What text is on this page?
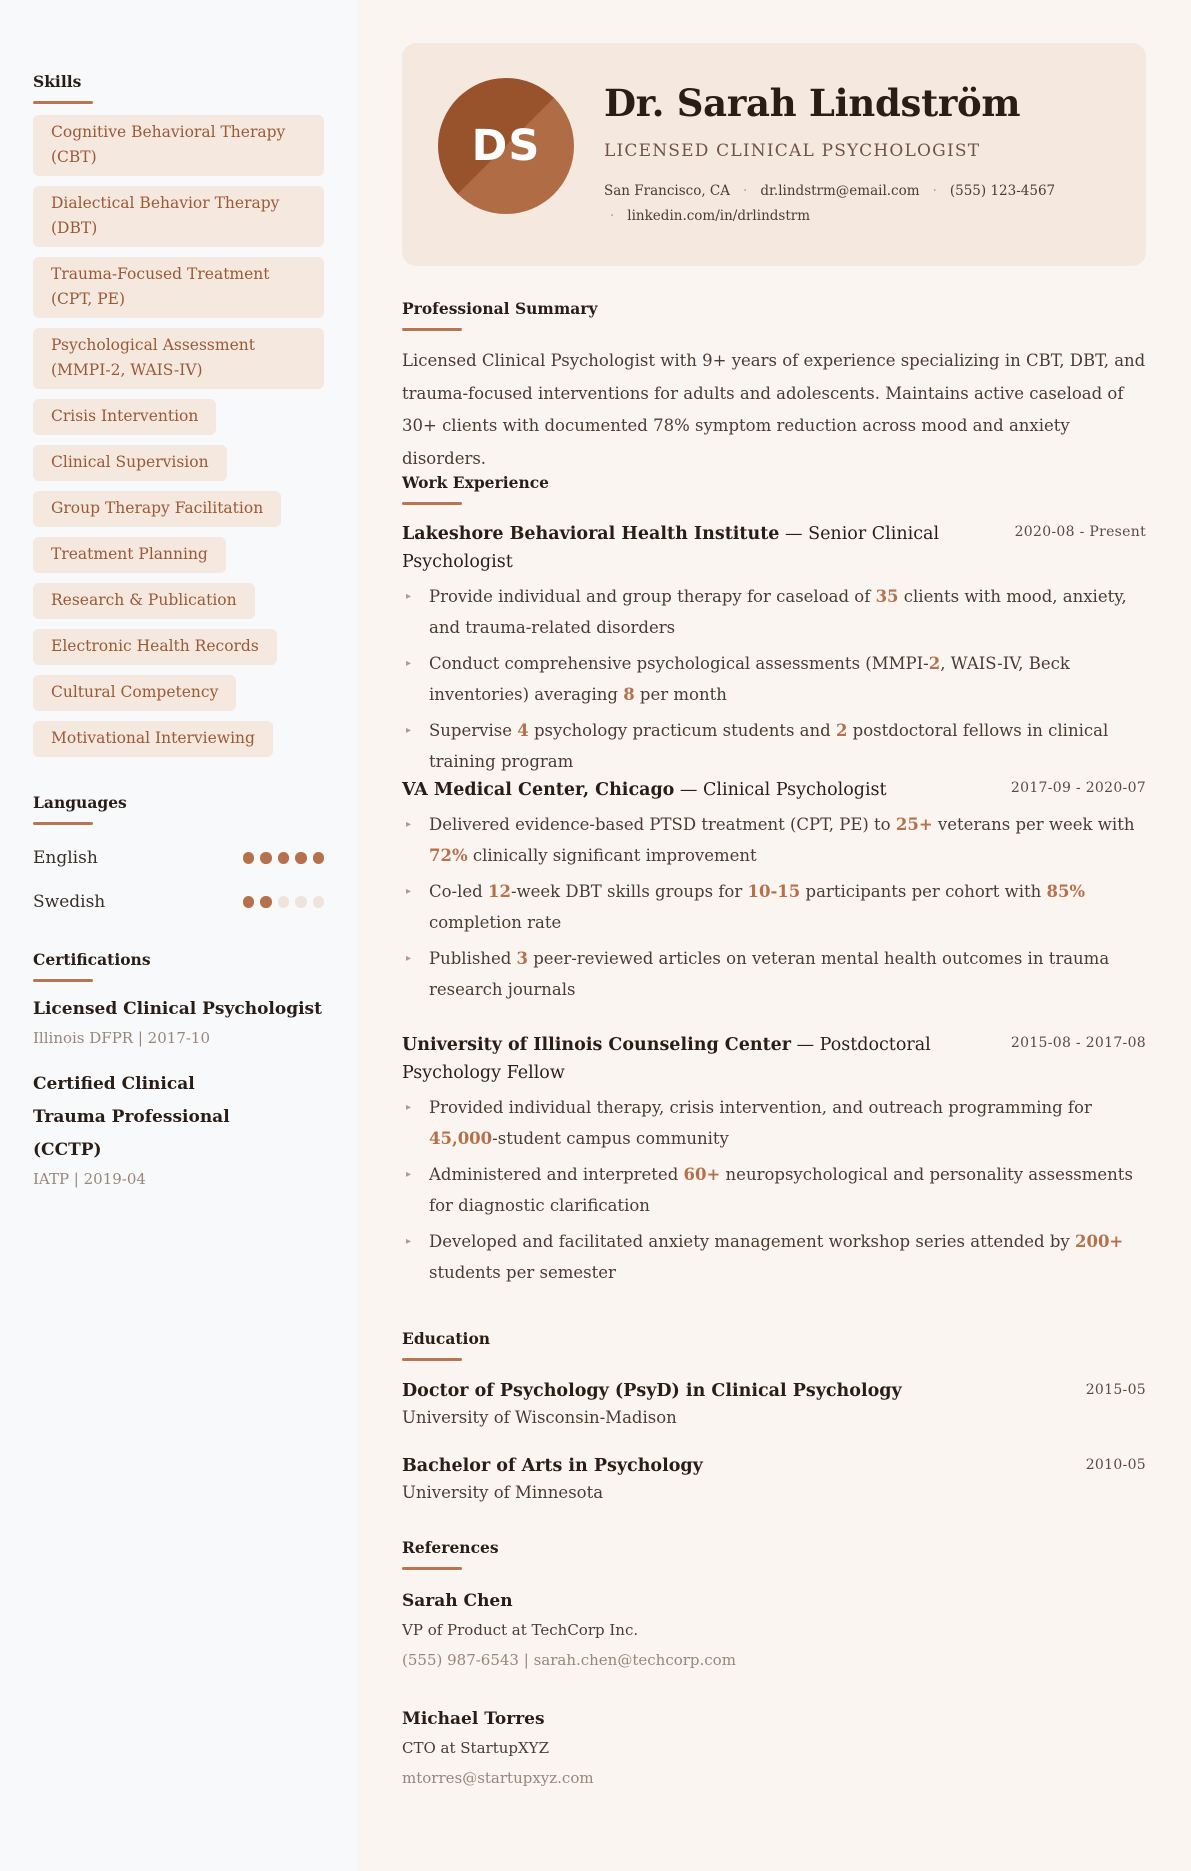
Skills
Cognitive Behavioral Therapy (CBT)
Dialectical Behavior Therapy (DBT)
Trauma-Focused Treatment (CPT, PE)
Psychological Assessment (MMPI-2, WAIS-IV)
Crisis Intervention
Clinical Supervision
Group Therapy Facilitation
Treatment Planning
Research & Publication
Electronic Health Records
Cultural Competency
Motivational Interviewing
Languages
English
Swedish
Certifications
Licensed Clinical Psychologist
Illinois DFPR | 2017-10
Certified Clinical Trauma Professional (CCTP)
IATP | 2019-04
DS
Dr. Sarah Lindström
LICENSED CLINICAL PSYCHOLOGIST
San Francisco, CA · dr.lindstrm@email.com · (555) 123-4567
· linkedin.com/in/drlindstrm
Professional Summary
Licensed Clinical Psychologist with 9+ years of experience specializing in CBT, DBT, and trauma-focused interventions for adults and adolescents. Maintains active caseload of 30+ clients with documented 78% symptom reduction across mood and anxiety disorders.
Work Experience
Lakeshore Behavioral Health Institute — Senior Clinical Psychologist
2020-08 - Present
▸ Provide individual and group therapy for caseload of 35 clients with mood, anxiety, and trauma-related disorders
▸ Conduct comprehensive psychological assessments (MMPI-2, WAIS-IV, Beck inventories) averaging 8 per month
▸ Supervise 4 psychology practicum students and 2 postdoctoral fellows in clinical training program
VA Medical Center, Chicago — Clinical Psychologist	2017-09 - 2020-07
▸ Delivered evidence-based PTSD treatment (CPT, PE) to 25+ veterans per week with 72% clinically significant improvement
▸ Co-led 12-week DBT skills groups for 10-15 participants per cohort with 85% completion rate
▸ Published 3 peer-reviewed articles on veteran mental health outcomes in trauma research journals
University of Illinois Counseling Center — Postdoctoral Psychology Fellow
2015-08 - 2017-08
▸ Provided individual therapy, crisis intervention, and outreach programming for 45,000-student campus community
▸ Administered and interpreted 60+ neuropsychological and personality assessments for diagnostic clarification
▸ Developed and facilitated anxiety management workshop series attended by 200+ students per semester
Education
Doctor of Psychology (PsyD) in Clinical Psychology	2015-05
University of Wisconsin-Madison
Bachelor of Arts in Psychology	2010-05
University of Minnesota
References
Sarah Chen
VP of Product at TechCorp Inc.
(555) 987-6543 | sarah.chen@techcorp.com
Michael Torres
CTO at StartupXYZ
mtorres@startupxyz.com
